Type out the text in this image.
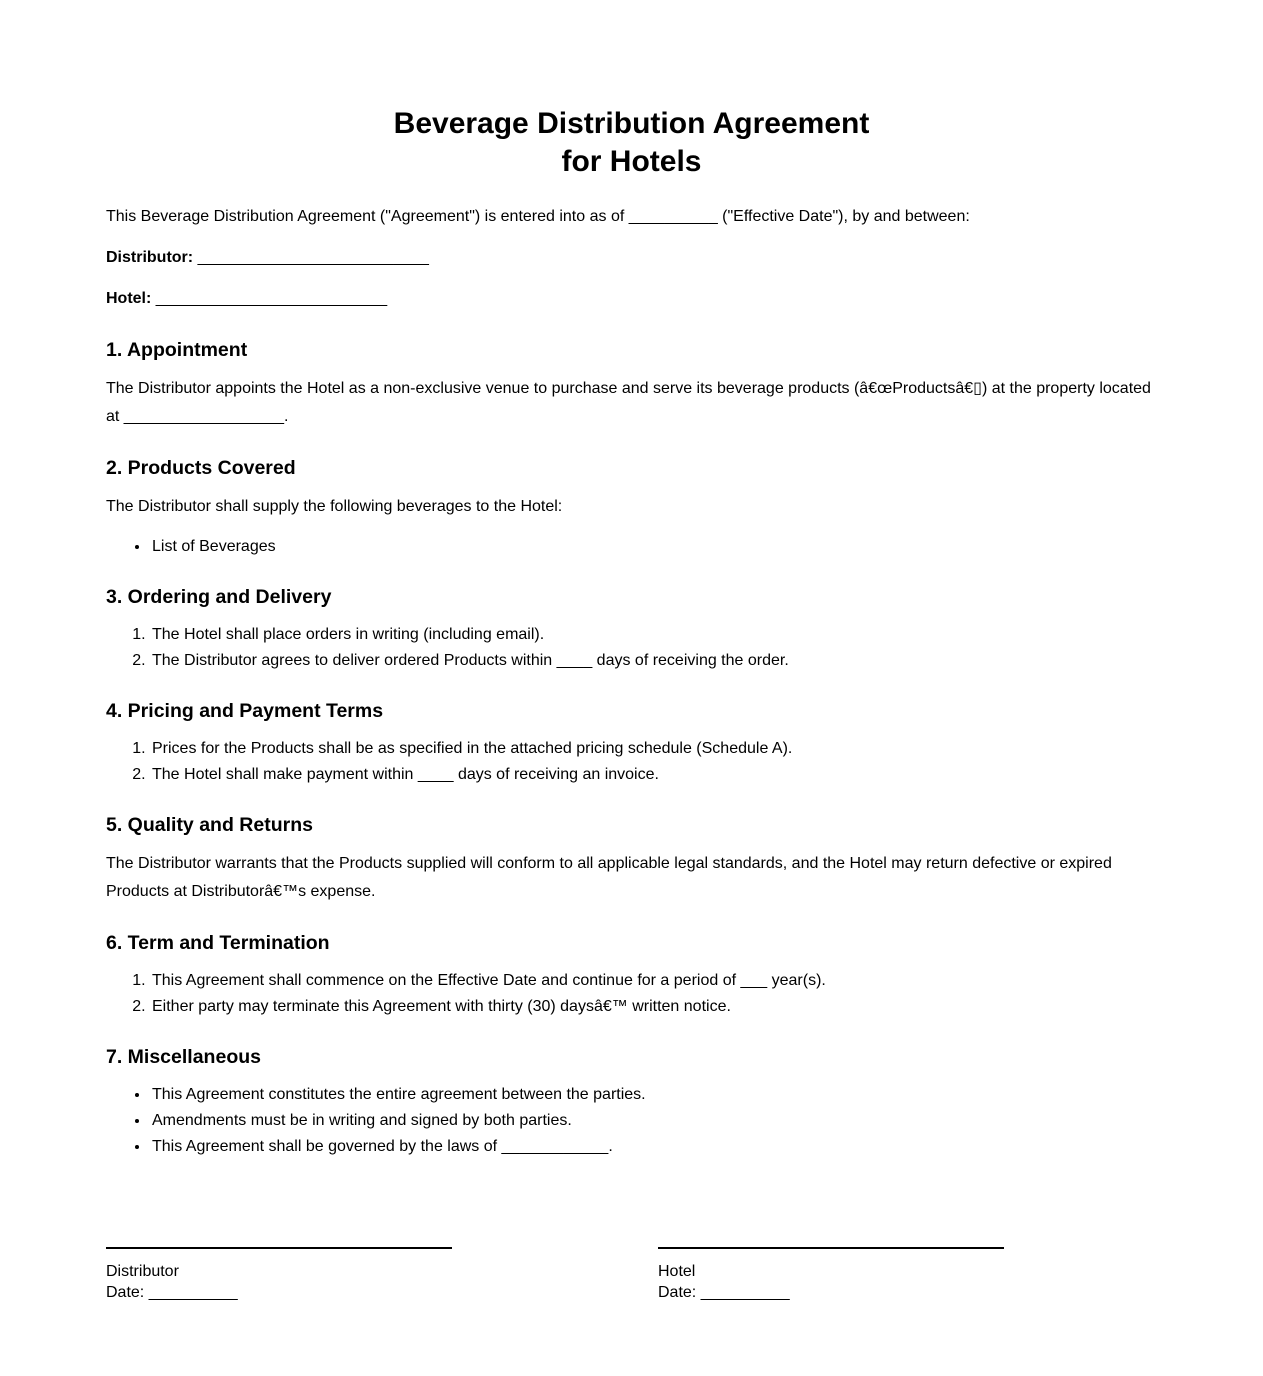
Beverage Distribution Agreement
for Hotels

This Beverage Distribution Agreement ("Agreement") is entered into as of __________ ("Effective Date"), by and between:

Distributor: __________________________

Hotel: __________________________

1. Appointment

The Distributor appoints the Hotel as a non-exclusive venue to purchase and serve its beverage products (â€œProductsâ€▯) at the property located at __________________.

2. Products Covered

The Distributor shall supply the following beverages to the Hotel:

• List of Beverages
3. Ordering and Delivery
1. The Hotel shall place orders in writing (including email).
2. The Distributor agrees to deliver ordered Products within ____ days of receiving the order.
4. Pricing and Payment Terms
1. Prices for the Products shall be as specified in the attached pricing schedule (Schedule A).
2. The Hotel shall make payment within ____ days of receiving an invoice.
5. Quality and Returns

The Distributor warrants that the Products supplied will conform to all applicable legal standards, and the Hotel may return defective or expired Products at Distributorâ€™s expense.

6. Term and Termination
1. This Agreement shall commence on the Effective Date and continue for a period of ___ year(s).
2. Either party may terminate this Agreement with thirty (30) daysâ€™ written notice.
7. Miscellaneous
• This Agreement constitutes the entire agreement between the parties.
• Amendments must be in writing and signed by both parties.
• This Agreement shall be governed by the laws of ____________.
Distributor
Date: __________
Hotel
Date: __________
